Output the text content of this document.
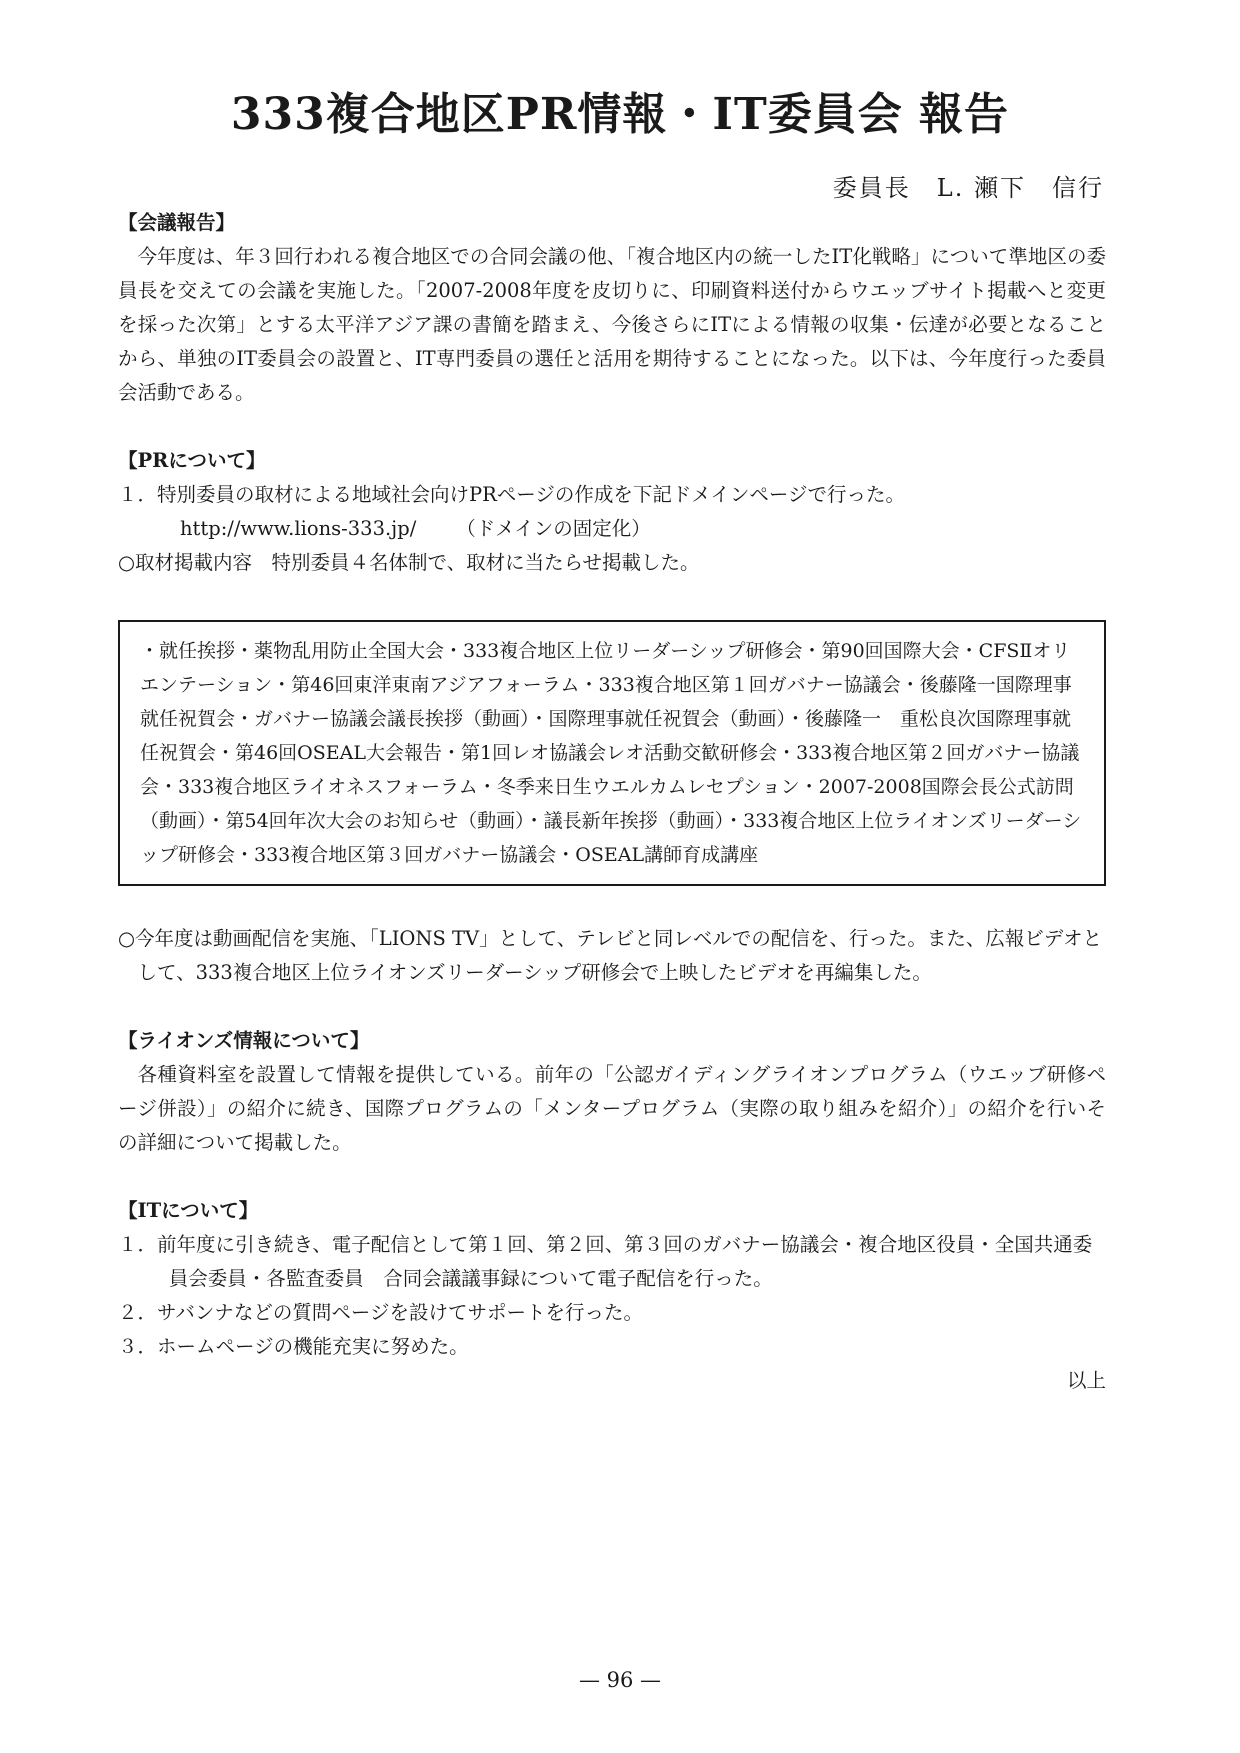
333複合地区PR情報・IT委員会 報告
委員長　L. 瀬下　信行

【会議報告】

今年度は、年３回行われる複合地区での合同会議の他、「複合地区内の統一したIT化戦略」について準地区の委員長を交えての会議を実施した。「2007-2008年度を皮切りに、印刷資料送付からウエッブサイト掲載へと変更を採った次第」とする太平洋アジア課の書簡を踏まえ、今後さらにITによる情報の収集・伝達が必要となることから、単独のIT委員会の設置と、IT専門委員の選任と活用を期待することになった。以下は、今年度行った委員会活動である。

【PRについて】

１．特別委員の取材による地域社会向けPRページの作成を下記ドメインページで行った。

http://www.lions-333.jp/ （ドメインの固定化）

○取材掲載内容　特別委員４名体制で、取材に当たらせ掲載した。

・就任挨拶・薬物乱用防止全国大会・333複合地区上位リーダーシップ研修会・第90回国際大会・CFSⅡオリエンテーション・第46回東洋東南アジアフォーラム・333複合地区第１回ガバナー協議会・後藤隆一国際理事就任祝賀会・ガバナー協議会議長挨拶（動画）・国際理事就任祝賀会（動画）・後藤隆一　重松良次国際理事就任祝賀会・第46回OSEAL大会報告・第1回レオ協議会レオ活動交歓研修会・333複合地区第２回ガバナー協議会・333複合地区ライオネスフォーラム・冬季来日生ウエルカムレセプション・2007-2008国際会長公式訪問（動画）・第54回年次大会のお知らせ（動画）・議長新年挨拶（動画）・333複合地区上位ライオンズリーダーシップ研修会・333複合地区第３回ガバナー協議会・OSEAL講師育成講座

○今年度は動画配信を実施、「LIONS TV」として、テレビと同レベルでの配信を、行った。また、広報ビデオとして、333複合地区上位ライオンズリーダーシップ研修会で上映したビデオを再編集した。

【ライオンズ情報について】

各種資料室を設置して情報を提供している。前年の「公認ガイディングライオンプログラム（ウエッブ研修ページ併設）」の紹介に続き、国際プログラムの「メンタープログラム（実際の取り組みを紹介）」の紹介を行いその詳細について掲載した。

【ITについて】

１．前年度に引き続き、電子配信として第１回、第２回、第３回のガバナー協議会・複合地区役員・全国共通委員会委員・各監査委員　合同会議議事録について電子配信を行った。

２．サバンナなどの質問ページを設けてサポートを行った。

３．ホームページの機能充実に努めた。

以上

— 96 —
